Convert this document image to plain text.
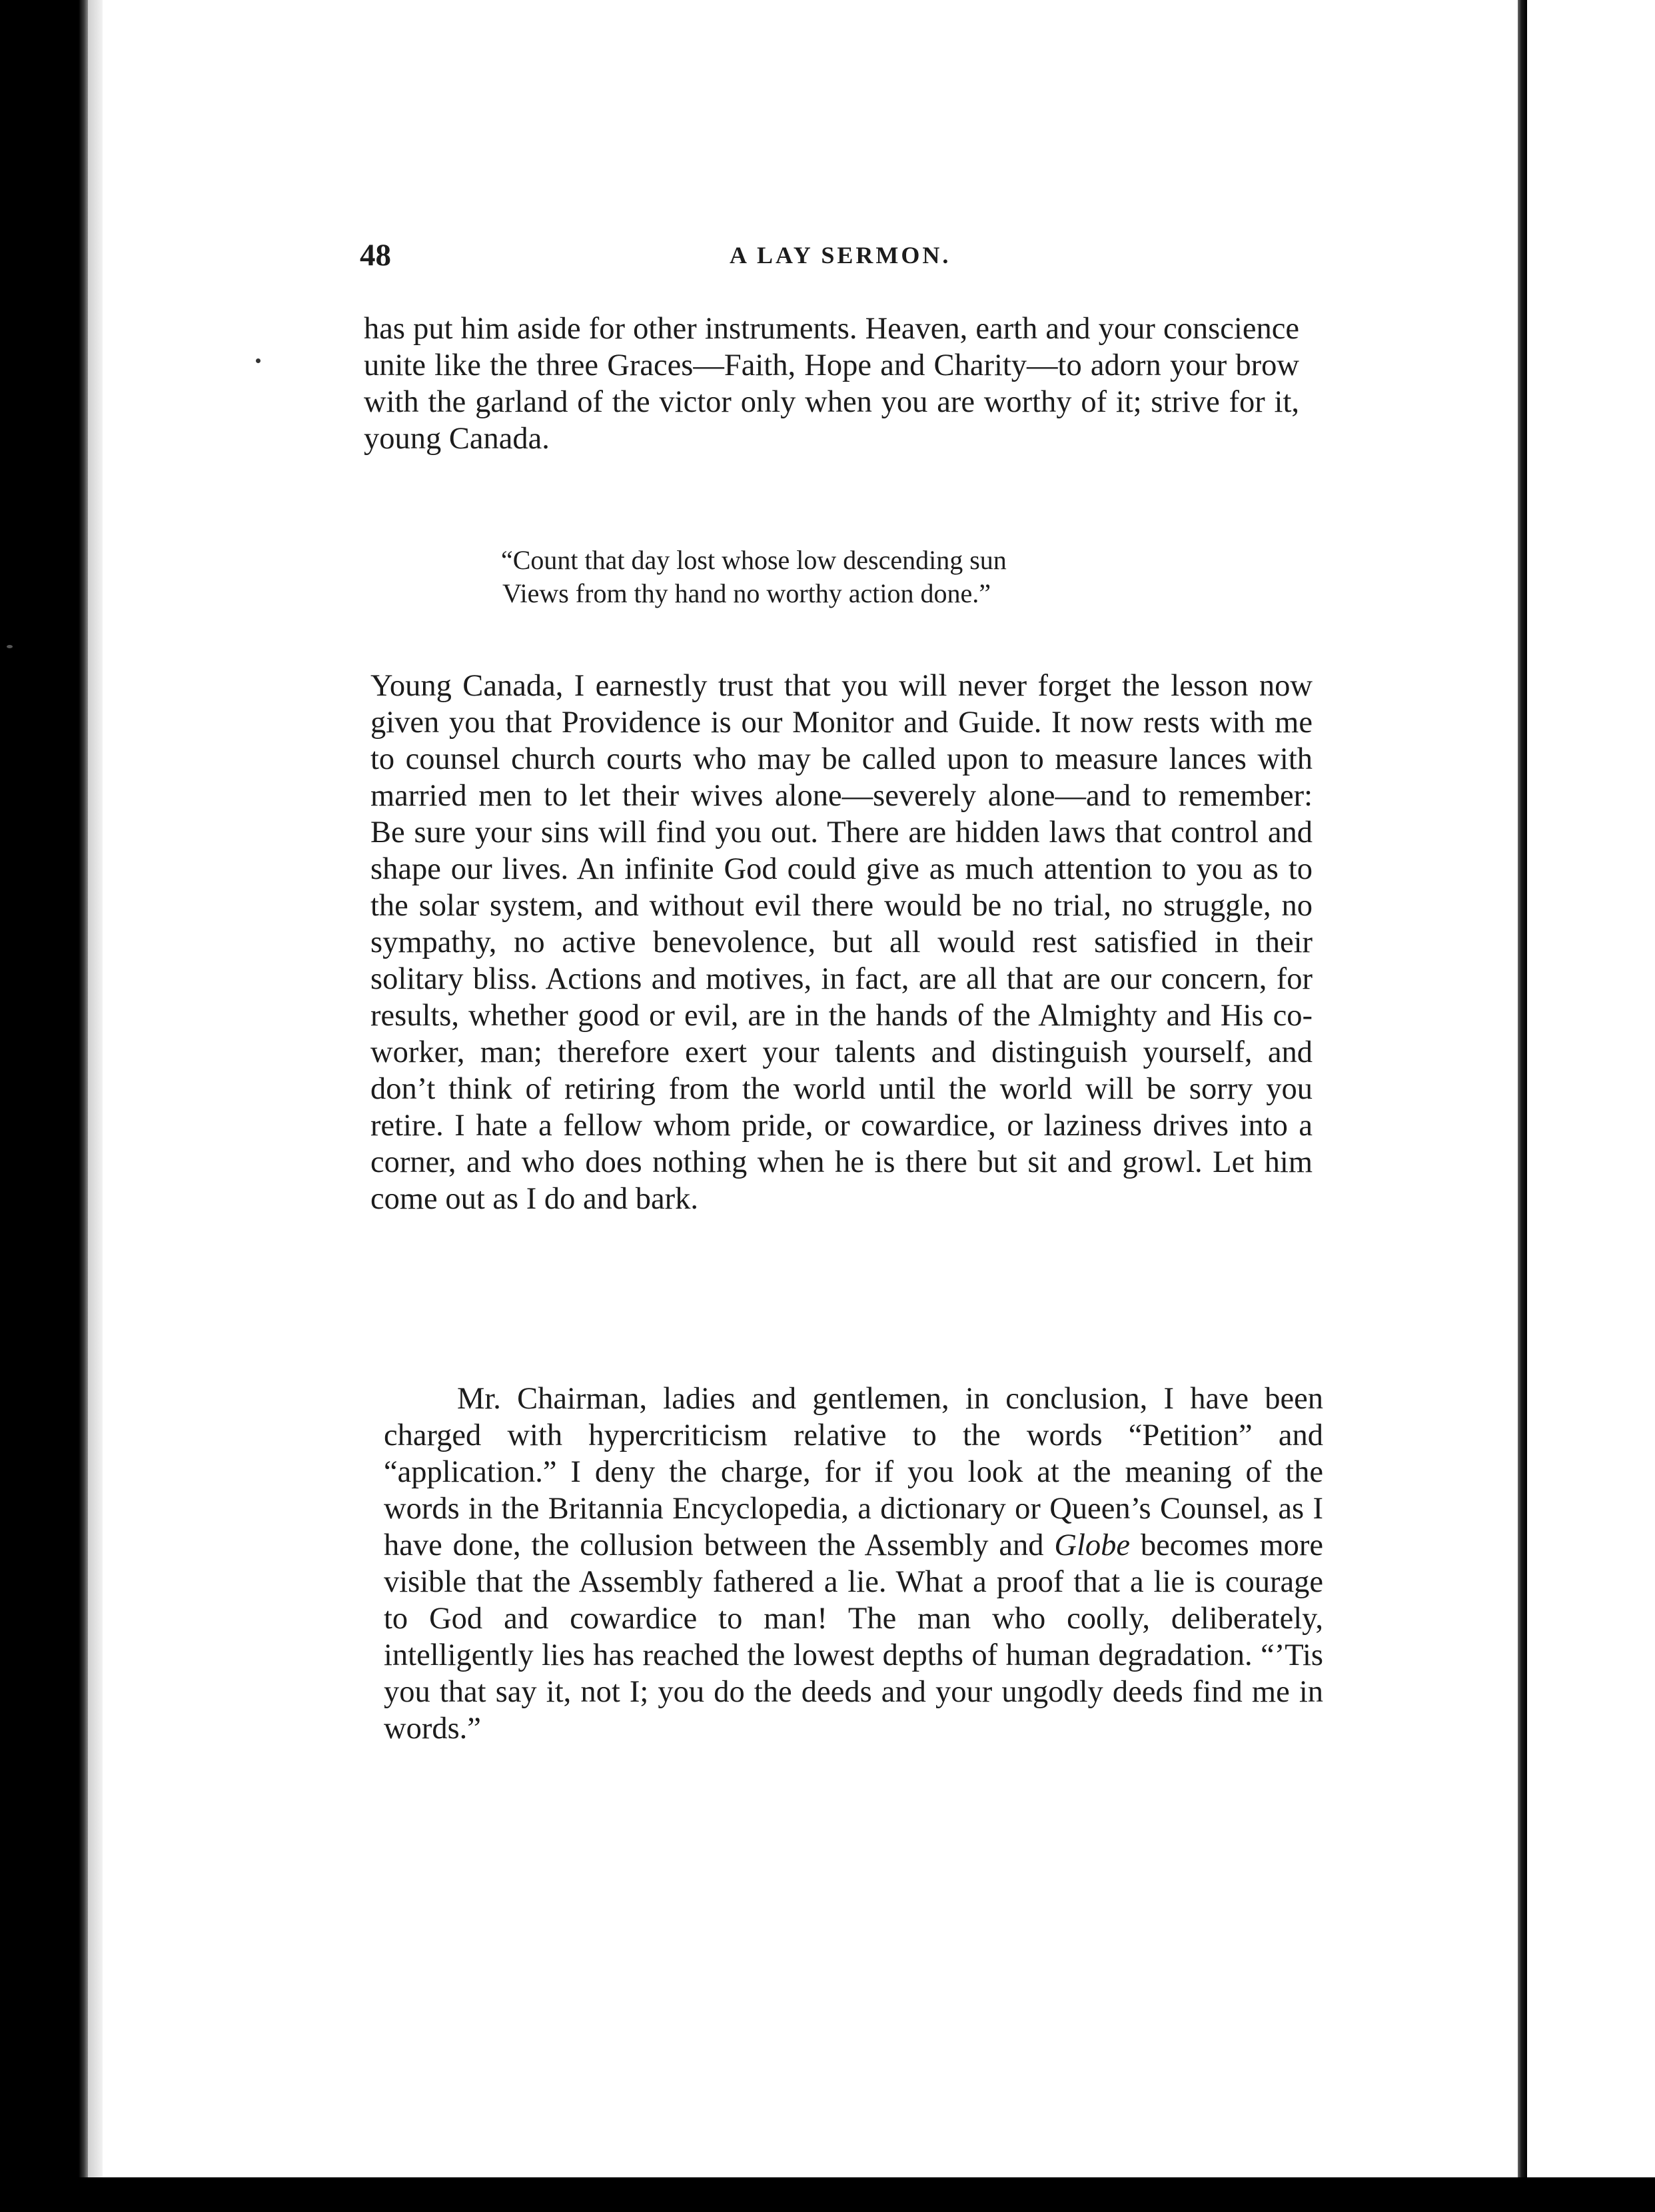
48	A LAY SERMON.

has put him aside for other instruments. Heaven, earth and your conscience unite like the three Graces—Faith, Hope and Charity—to adorn your brow with the garland of the victor only when you are worthy of it; strive for it, young Canada.

“Count that day lost whose low descending sun
Views from thy hand no worthy action done.”

Young Canada, I earnestly trust that you will never forget the lesson now given you that Providence is our Monitor and Guide. It now rests with me to counsel church courts who may be called upon to measure lances with married men to let their wives alone—severely alone—and to remember: Be sure your sins will find you out. There are hidden laws that control and shape our lives. An infinite God could give as much attention to you as to the solar system, and without evil there would be no trial, no struggle, no sympathy, no active benevolence, but all would rest satisfied in their solitary bliss. Actions and motives, in fact, are all that are our concern, for results, whether good or evil, are in the hands of the Almighty and His co-worker, man; therefore exert your talents and distinguish yourself, and don’t think of retiring from the world until the world will be sorry you retire. I hate a fellow whom pride, or cowardice, or laziness drives into a corner, and who does nothing when he is there but sit and growl. Let him come out as I do and bark.

Mr. Chairman, ladies and gentlemen, in conclusion, I have been charged with hypercriticism relative to the words “Petition” and “application.” I deny the charge, for if you look at the meaning of the words in the Britannia Encyclopedia, a dictionary or Queen’s Counsel, as I have done, the collusion between the Assembly and Globe becomes more visible that the Assembly fathered a lie. What a proof that a lie is courage to God and cowardice to man! The man who coolly, deliberately, intelligently lies has reached the lowest depths of human degradation. “’Tis you that say it, not I; you do the deeds and your ungodly deeds find me in words.”
